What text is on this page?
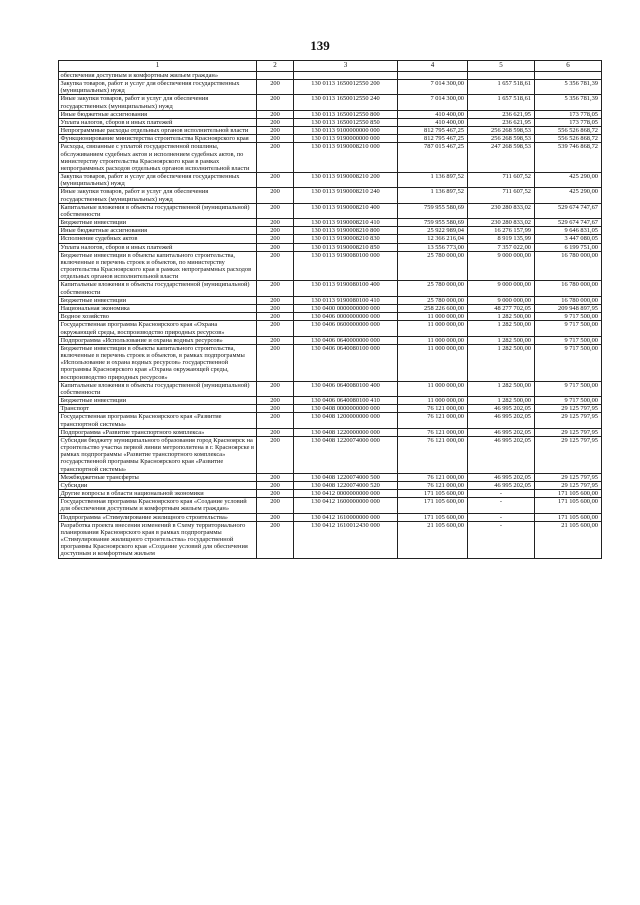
139
1	2	3	4	5	6
обеспечения доступным и комфортным жильем граждан»					
Закупка товаров, работ и услуг для обеспечения государственных (муниципальных) нужд	200	130 0113 1650012550 200	7 014 300,00	1 657 518,61	5 356 781,39
Иные закупки товаров, работ и услуг для обеспечения государственных (муниципальных) нужд	200	130 0113 1650012550 240	7 014 300,00	1 657 518,61	5 356 781,39
Иные бюджетные ассигнования	200	130 0113 1650012550 800	410 400,00	236 621,95	173 778,05
Уплата налогов, сборов и иных платежей	200	130 0113 1650012550 850	410 400,00	236 621,95	173 778,05
Непрограммные расходы отдельных органов исполнительной власти	200	130 0113 9100000000 000	812 795 467,25	256 268 598,53	556 526 868,72
Функционирование министерства строительства Красноярского края	200	130 0113 9190000000 000	812 795 467,25	256 268 598,53	556 526 868,72
Расходы, связанные с уплатой государственной пошлины, обслуживанием судебных актов и исполнением судебных актов, по министерству строительства Красноярского края в рамках непрограммных расходов отдельных органов исполнительной власти	200	130 0113 9190008210 000	787 015 467,25	247 268 598,53	539 746 868,72
Закупка товаров, работ и услуг для обеспечения государственных (муниципальных) нужд	200	130 0113 9190008210 200	1 136 897,52	711 607,52	425 290,00
Иные закупки товаров, работ и услуг для обеспечения государственных (муниципальных) нужд	200	130 0113 9190008210 240	1 136 897,52	711 607,52	425 290,00
Капитальные вложения в объекты государственной (муниципальной) собственности	200	130 0113 9190008210 400	759 955 580,69	230 280 833,02	529 674 747,67
Бюджетные инвестиции	200	130 0113 9190008210 410	759 955 580,69	230 280 833,02	529 674 747,67
Иные бюджетные ассигнования	200	130 0113 9190008210 800	25 922 989,04	16 276 157,99	9 646 831,05
Исполнение судебных актов	200	130 0113 9190008210 830	12 366 216,04	8 919 135,99	3 447 080,05
Уплата налогов, сборов и иных платежей	200	130 0113 9190008210 850	13 556 773,00	7 357 022,00	6 199 751,00
Бюджетные инвестиции в объекты капитального строительства, включенные в перечень строек и объектов, по министерству строительства Красноярского края в рамках непрограммных расходов отдельных органов исполнительной власти	200	130 0113 9190080100 000	25 780 000,00	9 000 000,00	16 780 000,00
Капитальные вложения в объекты государственной (муниципальной) собственности	200	130 0113 9190080100 400	25 780 000,00	9 000 000,00	16 780 000,00
Бюджетные инвестиции	200	130 0113 9190080100 410	25 780 000,00	9 000 000,00	16 780 000,00
Национальная экономика	200	130 0400 0000000000 000	258 226 600,00	48 277 702,05	209 948 897,95
Водное хозяйство	200	130 0406 0000000000 000	11 000 000,00	1 282 500,00	9 717 500,00
Государственная программа Красноярского края «Охрана окружающей среды, воспроизводство природных ресурсов»	200	130 0406 0600000000 000	11 000 000,00	1 282 500,00	9 717 500,00
Подпрограмма «Использование и охрана водных ресурсов»	200	130 0406 0640000000 000	11 000 000,00	1 282 500,00	9 717 500,00
Бюджетные инвестиции в объекты капитального строительства, включенные в перечень строек и объектов, в рамках подпрограммы «Использование и охрана водных ресурсов» государственной программы Красноярского края «Охрана окружающей среды, воспроизводство природных ресурсов»	200	130 0406 0640080100 000	11 000 000,00	1 282 500,00	9 717 500,00
Капитальные вложения в объекты государственной (муниципальной) собственности	200	130 0406 0640080100 400	11 000 000,00	1 282 500,00	9 717 500,00
Бюджетные инвестиции	200	130 0406 0640080100 410	11 000 000,00	1 282 500,00	9 717 500,00
Транспорт	200	130 0408 0000000000 000	76 121 000,00	46 995 202,05	29 125 797,95
Государственная программа Красноярского края «Развитие транспортной системы»	200	130 0408 1200000000 000	76 121 000,00	46 995 202,05	29 125 797,95
Подпрограмма «Развитие транспортного комплекса»	200	130 0408 1220000000 000	76 121 000,00	46 995 202,05	29 125 797,95
Субсидия бюджету муниципального образования город Красноярск на строительство участка первой линии метрополитена в г. Красноярске в рамках подпрограммы «Развитие транспортного комплекса» государственной программы Красноярского края «Развитие транспортной системы»	200	130 0408 1220074000 000	76 121 000,00	46 995 202,05	29 125 797,95
Межбюджетные трансферты	200	130 0408 1220074000 500	76 121 000,00	46 995 202,05	29 125 797,95
Субсидии	200	130 0408 1220074000 520	76 121 000,00	46 995 202,05	29 125 797,95
Другие вопросы в области национальной экономики	200	130 0412 0000000000 000	171 105 600,00	-	171 105 600,00
Государственная программа Красноярского края «Создание условий для обеспечения доступным и комфортным жильем граждан»	200	130 0412 1600000000 000	171 105 600,00	-	171 105 600,00
Подпрограмма «Стимулирование жилищного строительства»	200	130 0412 1610000000 000	171 105 600,00	-	171 105 600,00
Разработка проекта внесения изменений в Схему территориального планирования Красноярского края в рамках подпрограммы «Стимулирование жилищного строительства» государственной программы Красноярского края «Создание условий для обеспечения доступным и комфортным жильем	200	130 0412 1610012430 000	21 105 600,00	-	21 105 600,00
